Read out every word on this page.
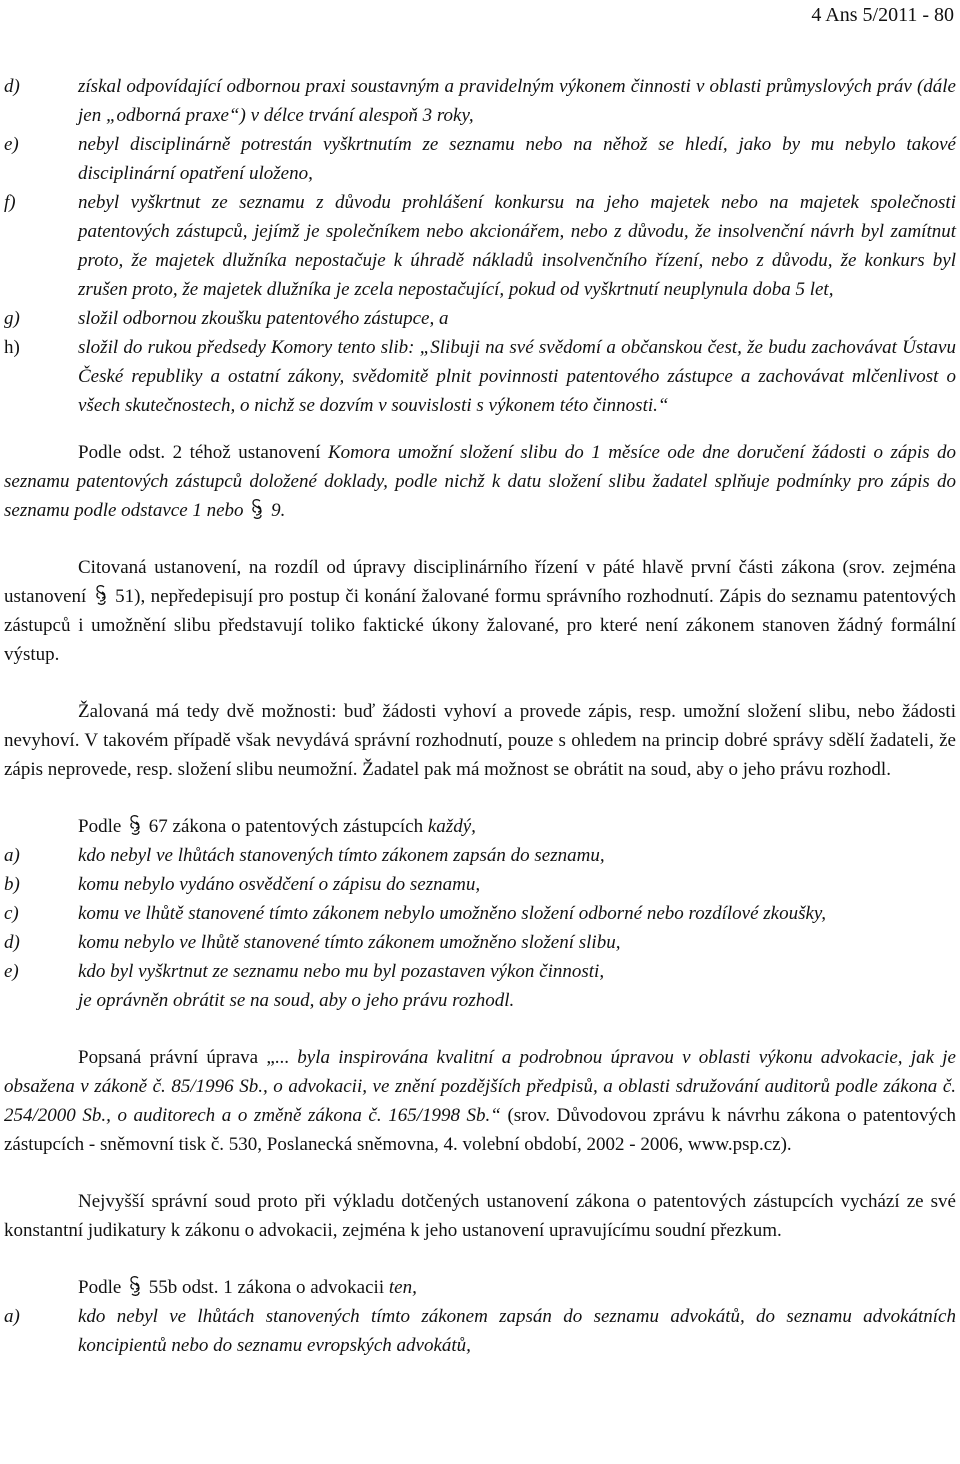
4 Ans 5/2011 - 80
d)	získal odpovídající odbornou praxi soustavným a pravidelným výkonem činnosti v oblasti průmyslových práv (dále jen „odborná praxe“) v délce trvání alespoň 3 roky,
e)	nebyl disciplinárně potrestán vyškrtnutím ze seznamu nebo na něhož se hledí, jako by mu nebylo takové disciplinární opatření uloženo,
f)	nebyl vyškrtnut ze seznamu z důvodu prohlášení konkursu na jeho majetek nebo na majetek společnosti patentových zástupců, jejímž je společníkem nebo akcionářem, nebo z důvodu, že insolvenční návrh byl zamítnut proto, že majetek dlužníka nepostačuje k úhradě nákladů insolvenčního řízení, nebo z důvodu, že konkurs byl zrušen proto, že majetek dlužníka je zcela nepostačující, pokud od vyškrtnutí neuplynula doba 5 let,
g)	složil odbornou zkoušku patentového zástupce, a
h)	složil do rukou předsedy Komory tento slib: „Slibuji na své svědomí a občanskou čest, že budu zachovávat Ústavu České republiky a ostatní zákony, svědomitě plnit povinnosti patentového zástupce a zachovávat mlčenlivost o všech skutečnostech, o nichž se dozvím v souvislosti s výkonem této činnosti.“

Podle odst. 2 téhož ustanovení Komora umožní složení slibu do 1 měsíce ode dne doručení žádosti o zápis do seznamu patentových zástupců doložené doklady, podle nichž k datu složení slibu žadatel splňuje podmínky pro zápis do seznamu podle odstavce 1 nebo
9.

Citovaná ustanovení, na rozdíl od úpravy disciplinárního řízení v páté hlavě první části zákona (srov. zejména ustanovení
51), nepředepisují pro postup či konání žalované formu správního rozhodnutí. Zápis do seznamu patentových zástupců i umožnění slibu představují toliko faktické úkony žalované, pro které není zákonem stanoven žádný formální výstup.

Žalovaná má tedy dvě možnosti: buď žádosti vyhoví a provede zápis, resp. umožní složení slibu, nebo žádosti nevyhoví. V takovém případě však nevydává správní rozhodnutí, pouze s ohledem na princip dobré správy sdělí žadateli, že zápis neprovede, resp. složení slibu neumožní. Žadatel pak má možnost se obrátit na soud, aby o jeho právu rozhodl.

Podle
67 zákona o patentových zástupcích každý,

a)	kdo nebyl ve lhůtách stanovených tímto zákonem zapsán do seznamu,
b)	komu nebylo vydáno osvědčení o zápisu do seznamu,
c)	komu ve lhůtě stanovené tímto zákonem nebylo umožněno složení odborné nebo rozdílové zkoušky,
d)	komu nebylo ve lhůtě stanovené tímto zákonem umožněno složení slibu,
e)	kdo byl vyškrtnut ze seznamu nebo mu byl pozastaven výkon činnosti,
je oprávněn obrátit se na soud, aby o jeho právu rozhodl.

Popsaná právní úprava „... byla inspirována kvalitní a podrobnou úpravou v oblasti výkonu advokacie, jak je obsažena v zákoně č. 85/1996 Sb., o advokacii, ve znění pozdějších předpisů, a oblasti sdružování auditorů podle zákona č. 254/2000 Sb., o auditorech a o změně zákona č. 165/1998 Sb.“ (srov. Důvodovou zprávu k návrhu zákona o patentových zástupcích - sněmovní tisk č. 530, Poslanecká sněmovna, 4. volební období, 2002 - 2006, www.psp.cz).

Nejvyšší správní soud proto při výkladu dotčených ustanovení zákona o patentových zástupcích vychází ze své konstantní judikatury k zákonu o advokacii, zejména k jeho ustanovení upravujícímu soudní přezkum.

Podle
55b odst. 1 zákona o advokacii ten,

a)	kdo nebyl ve lhůtách stanovených tímto zákonem zapsán do seznamu advokátů, do seznamu advokátních koncipientů nebo do seznamu evropských advokátů,
